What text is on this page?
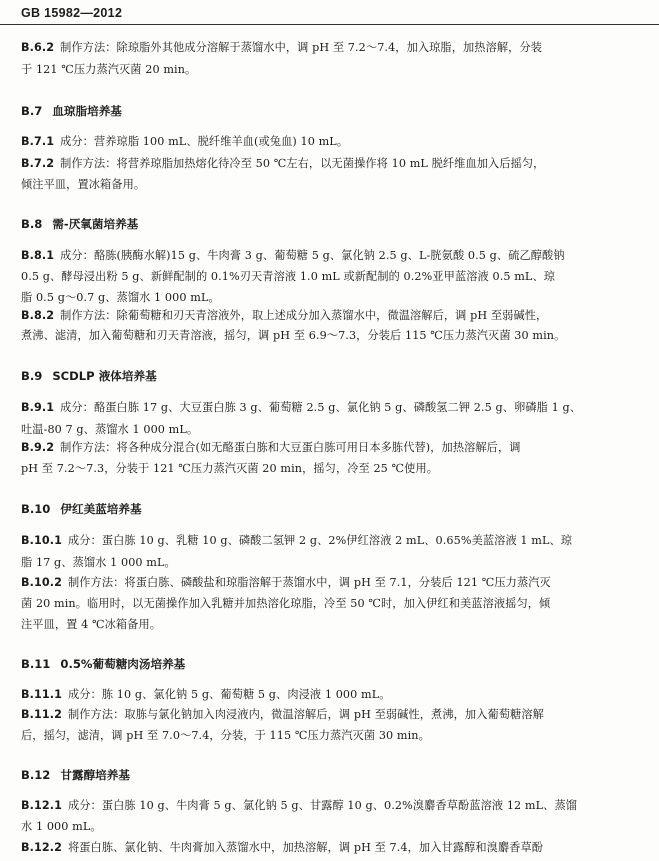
GB 15982—2012
B.6.2 制作方法：除琼脂外其他成分溶解于蒸馏水中，调 pH 至 7.2～7.4，加入琼脂，加热溶解，分装
于 121 ℃压力蒸汽灭菌 20 min。
B.7 血琼脂培养基
B.7.1 成分：营养琼脂 100 mL、脱纤维羊血(或兔血) 10 mL。
B.7.2 制作方法：将营养琼脂加热熔化待冷至 50 ℃左右，以无菌操作将 10 mL 脱纤维血加入后摇匀，
倾注平皿，置冰箱备用。
B.8 需-厌氧菌培养基
B.8.1 成分：酪胨(胰酶水解)15 g、牛肉膏 3 g、葡萄糖 5 g、氯化钠 2.5 g、L-胱氨酸 0.5 g、硫乙醇酸钠
0.5 g、酵母浸出粉 5 g、新鲜配制的 0.1%刃天青溶液 1.0 mL 或新配制的 0.2%亚甲蓝溶液 0.5 mL、琼
脂 0.5 g～0.7 g、蒸馏水 1 000 mL。
B.8.2 制作方法：除葡萄糖和刃天青溶液外，取上述成分加入蒸馏水中，微温溶解后，调 pH 至弱碱性，
煮沸、滤清，加入葡萄糖和刃天青溶液，摇匀，调 pH 至 6.9～7.3，分装后 115 ℃压力蒸汽灭菌 30 min。
B.9 SCDLP 液体培养基
B.9.1 成分：酪蛋白胨 17 g、大豆蛋白胨 3 g、葡萄糖 2.5 g、氯化钠 5 g、磷酸氢二钾 2.5 g、卵磷脂 1 g、
吐温-80 7 g、蒸馏水 1 000 mL。
B.9.2 制作方法：将各种成分混合(如无酪蛋白胨和大豆蛋白胨可用日本多胨代替)，加热溶解后，调
pH 至 7.2～7.3，分装于 121 ℃压力蒸汽灭菌 20 min，摇匀，冷至 25 ℃使用。
B.10 伊红美蓝培养基
B.10.1 成分：蛋白胨 10 g、乳糖 10 g、磷酸二氢钾 2 g、2%伊红溶液 2 mL、0.65%美蓝溶液 1 mL、琼
脂 17 g、蒸馏水 1 000 mL。
B.10.2 制作方法：将蛋白胨、磷酸盐和琼脂溶解于蒸馏水中，调 pH 至 7.1，分装后 121 ℃压力蒸汽灭
菌 20 min。临用时，以无菌操作加入乳糖并加热溶化琼脂，冷至 50 ℃时，加入伊红和美蓝溶液摇匀，倾
注平皿，置 4 ℃冰箱备用。
B.11 0.5%葡萄糖肉汤培养基
B.11.1 成分：胨 10 g、氯化钠 5 g、葡萄糖 5 g、肉浸液 1 000 mL。
B.11.2 制作方法：取胨与氯化钠加入肉浸液内，微温溶解后，调 pH 至弱碱性，煮沸，加入葡萄糖溶解
后，摇匀，滤清，调 pH 至 7.0～7.4，分装，于 115 ℃压力蒸汽灭菌 30 min。
B.12 甘露醇培养基
B.12.1 成分：蛋白胨 10 g、牛肉膏 5 g、氯化钠 5 g、甘露醇 10 g、0.2%溴麝香草酚蓝溶液 12 mL、蒸馏
水 1 000 mL。
B.12.2 将蛋白胨、氯化钠、牛肉膏加入蒸馏水中，加热溶解，调 pH 至 7.4，加入甘露醇和溴麝香草酚
